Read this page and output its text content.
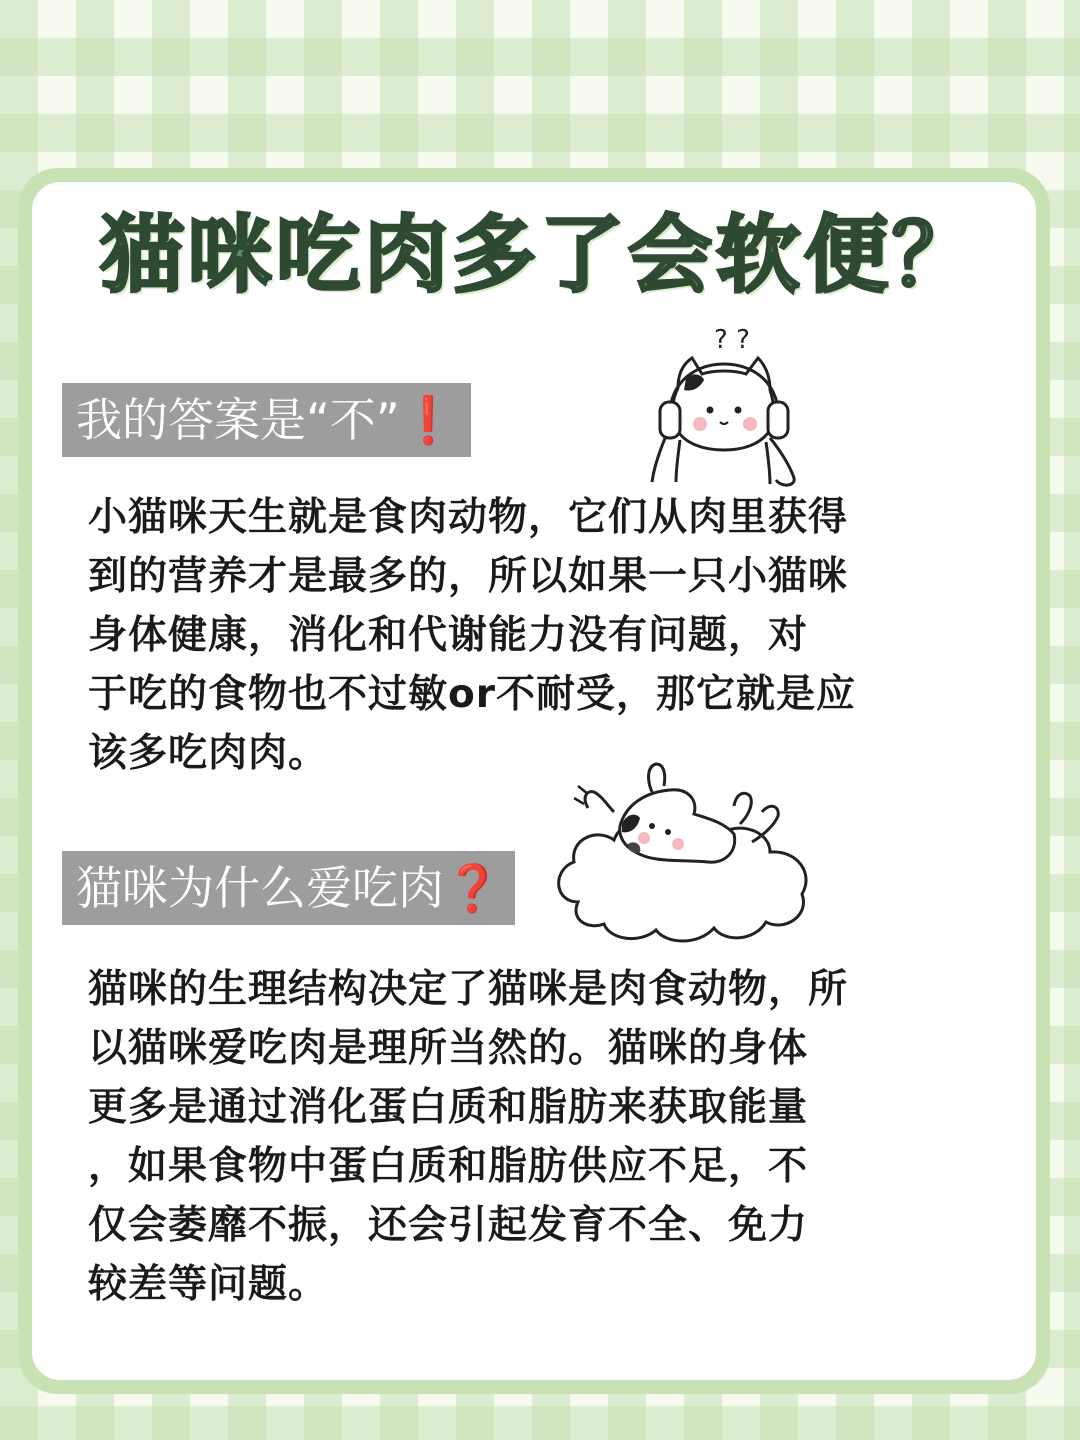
猫咪吃肉多了会软便？
我的答案是“不”❗
? ?
小猫咪天生就是食肉动物，它们从肉里获得
到的营养才是最多的，所以如果一只小猫咪
身体健康，消化和代谢能力没有问题，对
于吃的食物也不过敏or不耐受，那它就是应
该多吃肉肉。
猫咪为什么爱吃肉❓
猫咪的生理结构决定了猫咪是肉食动物，所
以猫咪爱吃肉是理所当然的。猫咪的身体
更多是通过消化蛋白质和脂肪来获取能量
，如果食物中蛋白质和脂肪供应不足，不
仅会萎靡不振，还会引起发育不全、免力
较差等问题。
